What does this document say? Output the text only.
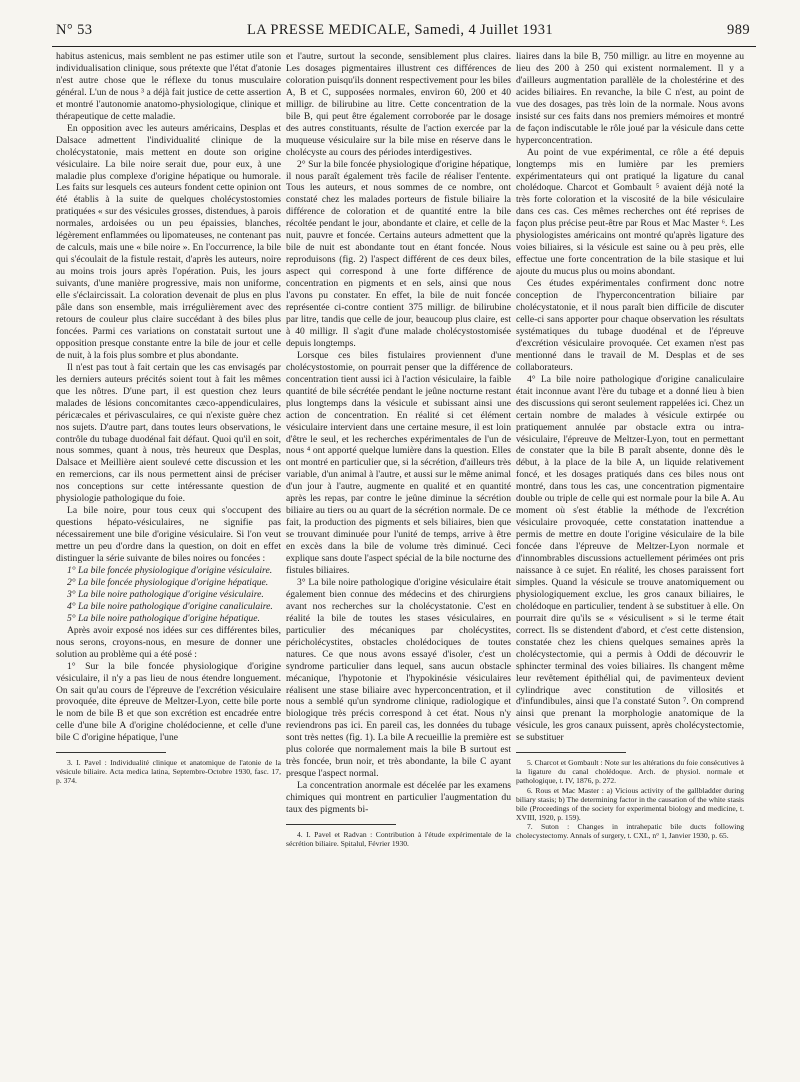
N° 53	LA PRESSE MEDICALE, Samedi, 4 Juillet 1931	989

habitus astenicus, mais semblent ne pas estimer utile son individualisation clinique, sous prétexte que l'état d'atonie n'est autre chose que le réflexe du tonus musculaire général. L'un de nous ³ a déjà fait justice de cette assertion et montré l'autonomie anatomo-physiologique, clinique et thérapeutique de cette maladie.

En opposition avec les auteurs américains, Desplas et Dalsace admettent l'individualité clinique de la cholécystatonie, mais mettent en doute son origine vésiculaire. La bile noire serait due, pour eux, à une maladie plus complexe d'origine hépatique ou humorale. Les faits sur lesquels ces auteurs fondent cette opinion ont été établis à la suite de quelques cholécystostomies pratiquées « sur des vésicules grosses, distendues, à parois normales, ardoisées ou un peu épaissies, blanches, légèrement enflammées ou lipomateuses, ne contenant pas de calculs, mais une « bile noire ». En l'occurrence, la bile qui s'écoulait de la fistule restait, d'après les auteurs, noire au moins trois jours après l'opération. Puis, les jours suivants, d'une manière progressive, mais non uniforme, elle s'éclaircissait. La coloration devenait de plus en plus pâle dans son ensemble, mais irrégulièrement avec des retours de couleur plus claire succédant à des biles plus foncées. Parmi ces variations on constatait surtout une opposition presque constante entre la bile de jour et celle de nuit, à la fois plus sombre et plus abondante.

Il n'est pas tout à fait certain que les cas envisagés par les derniers auteurs précités soient tout à fait les mêmes que les nôtres. D'une part, il est question chez leurs malades de lésions concomitantes cæco-appendiculaires, péricæcales et périvasculaires, ce qui n'existe guère chez nos sujets. D'autre part, dans toutes leurs observations, le contrôle du tubage duodénal fait défaut. Quoi qu'il en soit, nous sommes, quant à nous, très heureux que Desplas, Dalsace et Meillière aient soulevé cette discussion et les en remercions, car ils nous permettent ainsi de préciser nos conceptions sur cette intéressante question de physiologie pathologique du foie.

La bile noire, pour tous ceux qui s'occupent des questions hépato-vésiculaires, ne signifie pas nécessairement une bile d'origine vésiculaire. Si l'on veut mettre un peu d'ordre dans la question, on doit en effet distinguer la série suivante de biles noires ou foncées :

1° La bile foncée physiologique d'origine vésiculaire.

2° La bile foncée physiologique d'origine hépatique.

3° La bile noire pathologique d'origine vésiculaire.

4° La bile noire pathologique d'origine canaliculaire.

5° La bile noire pathologique d'origine hépatique.

Après avoir exposé nos idées sur ces différentes biles, nous serons, croyons-nous, en mesure de donner une solution au problème qui a été posé :

1° Sur la bile foncée physiologique d'origine vésiculaire, il n'y a pas lieu de nous étendre longuement. On sait qu'au cours de l'épreuve de l'excrétion vésiculaire provoquée, dite épreuve de Meltzer-Lyon, cette bile porte le nom de bile B et que son excrétion est encadrée entre celle d'une bile A d'origine cholédocienne, et celle d'une bile C d'origine hépatique, l'une

3. I. Pavel : Individualité clinique et anatomique de l'atonie de la vésicule biliaire. Acta medica latina, Septembre-Octobre 1930, fasc. 17, p. 374.

et l'autre, surtout la seconde, sensiblement plus claires. Les dosages pigmentaires illustrent ces différences de coloration puisqu'ils donnent respectivement pour les biles A, B et C, supposées normales, environ 60, 200 et 40 milligr. de bilirubine au litre. Cette concentration de la bile B, qui peut être également corroborée par le dosage des autres constituants, résulte de l'action exercée par la muqueuse vésiculaire sur la bile mise en réserve dans le cholécyste au cours des périodes interdigestives.

2° Sur la bile foncée physiologique d'origine hépatique, il nous paraît également très facile de réaliser l'entente. Tous les auteurs, et nous sommes de ce nombre, ont constaté chez les malades porteurs de fistule biliaire la différence de coloration et de quantité entre la bile récoltée pendant le jour, abondante et claire, et celle de la nuit, pauvre et foncée. Certains auteurs admettent que la bile de nuit est abondante tout en étant foncée. Nous reproduisons (fig. 2) l'aspect différent de ces deux biles, aspect qui correspond à une forte différence de concentration en pigments et en sels, ainsi que nous l'avons pu constater. En effet, la bile de nuit foncée représentée ci-contre contient 375 milligr. de bilirubine par litre, tandis que celle de jour, beaucoup plus claire, est à 40 milligr. Il s'agit d'une malade cholécystostomisée depuis longtemps.

Lorsque ces biles fistulaires proviennent d'une cholécystostomie, on pourrait penser que la différence de concentration tient aussi ici à l'action vésiculaire, la faible quantité de bile sécrétée pendant le jeûne nocturne restant plus longtemps dans la vésicule et subissant ainsi une action de concentration. En réalité si cet élément vésiculaire intervient dans une certaine mesure, il est loin d'être le seul, et les recherches expérimentales de l'un de nous ⁴ ont apporté quelque lumière dans la question. Elles ont montré en particulier que, si la sécrétion, d'ailleurs très variable, d'un animal à l'autre, et aussi sur le même animal d'un jour à l'autre, augmente en qualité et en quantité après les repas, par contre le jeûne diminue la sécrétion biliaire au tiers ou au quart de la sécrétion normale. De ce fait, la production des pigments et sels biliaires, bien que se trouvant diminuée pour l'unité de temps, arrive à être en excès dans la bile de volume très diminué. Ceci explique sans doute l'aspect spécial de la bile nocturne des fistules biliaires.

3° La bile noire pathologique d'origine vésiculaire était également bien connue des médecins et des chirurgiens avant nos recherches sur la cholécystatonie. C'est en réalité la bile de toutes les stases vésiculaires, en particulier des mécaniques par cholécystites, péricholécystites, obstacles cholédociques de toutes natures. Ce que nous avons essayé d'isoler, c'est un syndrome particulier dans lequel, sans aucun obstacle mécanique, l'hypotonie et l'hypokinésie vésiculaires réalisent une stase biliaire avec hyperconcentration, et il nous a semblé qu'un syndrome clinique, radiologique et biologique très précis correspond à cet état. Nous n'y reviendrons pas ici. En pareil cas, les données du tubage sont très nettes (fig. 1). La bile A recueillie la première est plus colorée que normalement mais la bile B surtout est très foncée, brun noir, et très abondante, la bile C ayant presque l'aspect normal.

La concentration anormale est décelée par les examens chimiques qui montrent en particulier l'augmentation du taux des pigments bi-

4. I. Pavel et Radvan : Contribution à l'étude expérimentale de la sécrétion biliaire. Spitalul, Février 1930.

liaires dans la bile B, 750 milligr. au litre en moyenne au lieu des 200 à 250 qui existent normalement. Il y a d'ailleurs augmentation parallèle de la cholestérine et des acides biliaires. En revanche, la bile C n'est, au point de vue des dosages, pas très loin de la normale. Nous avons insisté sur ces faits dans nos premiers mémoires et montré de façon indiscutable le rôle joué par la vésicule dans cette hyperconcentration.

Au point de vue expérimental, ce rôle a été depuis longtemps mis en lumière par les premiers expérimentateurs qui ont pratiqué la ligature du canal cholédoque. Charcot et Gombault ⁵ avaient déjà noté la très forte coloration et la viscosité de la bile vésiculaire dans ces cas. Ces mêmes recherches ont été reprises de façon plus précise peut-être par Rous et Mac Master ⁶. Les physiologistes américains ont montré qu'après ligature des voies biliaires, si la vésicule est saine ou à peu près, elle effectue une forte concentration de la bile stasique et lui ajoute du mucus plus ou moins abondant.

Ces études expérimentales confirment donc notre conception de l'hyperconcentration biliaire par cholécystatonie, et il nous paraît bien difficile de discuter celle-ci sans apporter pour chaque observation les résultats systématiques du tubage duodénal et de l'épreuve d'excrétion vésiculaire provoquée. Cet examen n'est pas mentionné dans le travail de M. Desplas et de ses collaborateurs.

4° La bile noire pathologique d'origine canaliculaire était inconnue avant l'ère du tubage et a donné lieu à bien des discussions qui seront seulement rappelées ici. Chez un certain nombre de malades à vésicule extirpée ou pratiquement annulée par obstacle extra ou intra-vésiculaire, l'épreuve de Meltzer-Lyon, tout en permettant de constater que la bile B paraît absente, donne dès le début, à la place de la bile A, un liquide relativement foncé, et les dosages pratiqués dans ces biles nous ont montré, dans tous les cas, une concentration pigmentaire double ou triple de celle qui est normale pour la bile A. Au moment où s'est établie la méthode de l'excrétion vésiculaire provoquée, cette constatation inattendue a permis de mettre en doute l'origine vésiculaire de la bile foncée dans l'épreuve de Meltzer-Lyon normale et d'innombrables discussions actuellement périmées ont pris naissance à ce sujet. En réalité, les choses paraissent fort simples. Quand la vésicule se trouve anatomiquement ou physiologiquement exclue, les gros canaux biliaires, le cholédoque en particulier, tendent à se substituer à elle. On pourrait dire qu'ils se « vésiculisent » si le terme était correct. Ils se distendent d'abord, et c'est cette distension, constatée chez les chiens quelques semaines après la cholécystectomie, qui a permis à Oddi de découvrir le sphincter terminal des voies biliaires. Ils changent même leur revêtement épithélial qui, de pavimenteux devient cylindrique avec constitution de villosités et d'infundibules, ainsi que l'a constaté Suton ⁷. On comprend ainsi que prenant la morphologie anatomique de la vésicule, les gros canaux puissent, après cholécystectomie, se substituer

5. Charcot et Gombault : Note sur les altérations du foie consécutives à la ligature du canal cholédoque. Arch. de physiol. normale et pathologique, t. IV, 1876, p. 272.

6. Rous et Mac Master : a) Vicious activity of the gallbladder during biliary stasis; b) The determining factor in the causation of the white stasis bile (Proceedings of the society for experimental biology and medicine, t. XVIII, 1920, p. 159).

7. Suton : Changes in intrahepatic bile ducts following cholecystectomy. Annals of surgery, t. CXL, n° 1, Janvier 1930, p. 65.
